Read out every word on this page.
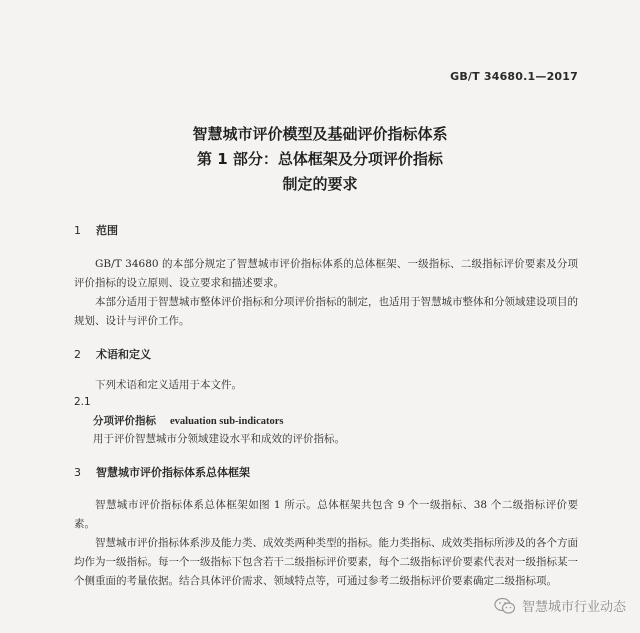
GB/T 34680.1—2017
智慧城市评价模型及基础评价指标体系
第 1 部分：总体框架及分项评价指标
制定的要求
1 范围
GB/T 34680 的本部分规定了智慧城市评价指标体系的总体框架、一级指标、二级指标评价要素及分项评价指标的设立原则、设立要求和描述要求。
本部分适用于智慧城市整体评价指标和分项评价指标的制定，也适用于智慧城市整体和分领域建设项目的规划、设计与评价工作。
2 术语和定义
下列术语和定义适用于本文件。
2.1
分项评价指标 evaluation sub-indicators
用于评价智慧城市分领域建设水平和成效的评价指标。
3 智慧城市评价指标体系总体框架
智慧城市评价指标体系总体框架如图 1 所示。总体框架共包含 9 个一级指标、38 个二级指标评价要素。
智慧城市评价指标体系涉及能力类、成效类两种类型的指标。能力类指标、成效类指标所涉及的各个方面均作为一级指标。每一个一级指标下包含若干二级指标评价要素，每个二级指标评价要素代表对一级指标某一个侧重面的考量依据。结合具体评价需求、领域特点等，可通过参考二级指标评价要素确定二级指标项。
智慧城市行业动态
